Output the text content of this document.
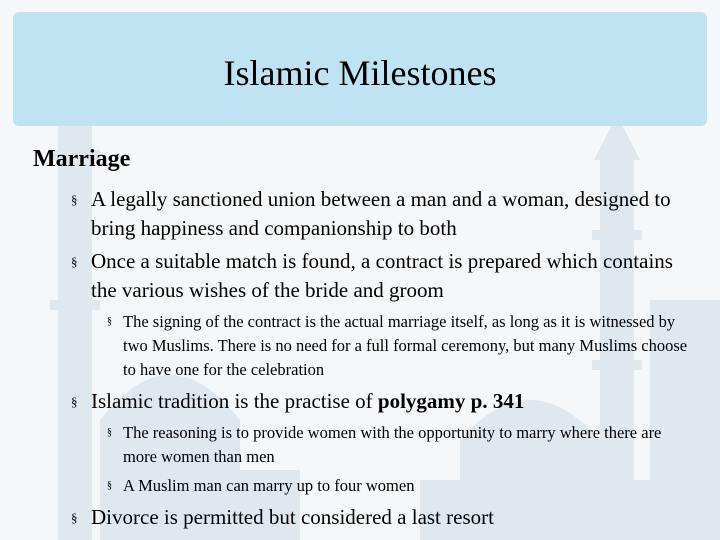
Islamic Milestones
Marriage

§ A legally sanctioned union between a man and a woman, designed to bring happiness and companionship to both

§ Once a suitable match is found, a contract is prepared which contains the various wishes of the bride and groom

§ The signing of the contract is the actual marriage itself, as long as it is witnessed by two Muslims. There is no need for a full formal ceremony, but many Muslims choose to have one for the celebration

§ Islamic tradition is the practise of polygamy p. 341

§ The reasoning is to provide women with the opportunity to marry where there are more women than men

§ A Muslim man can marry up to four women

§ Divorce is permitted but considered a last resort
